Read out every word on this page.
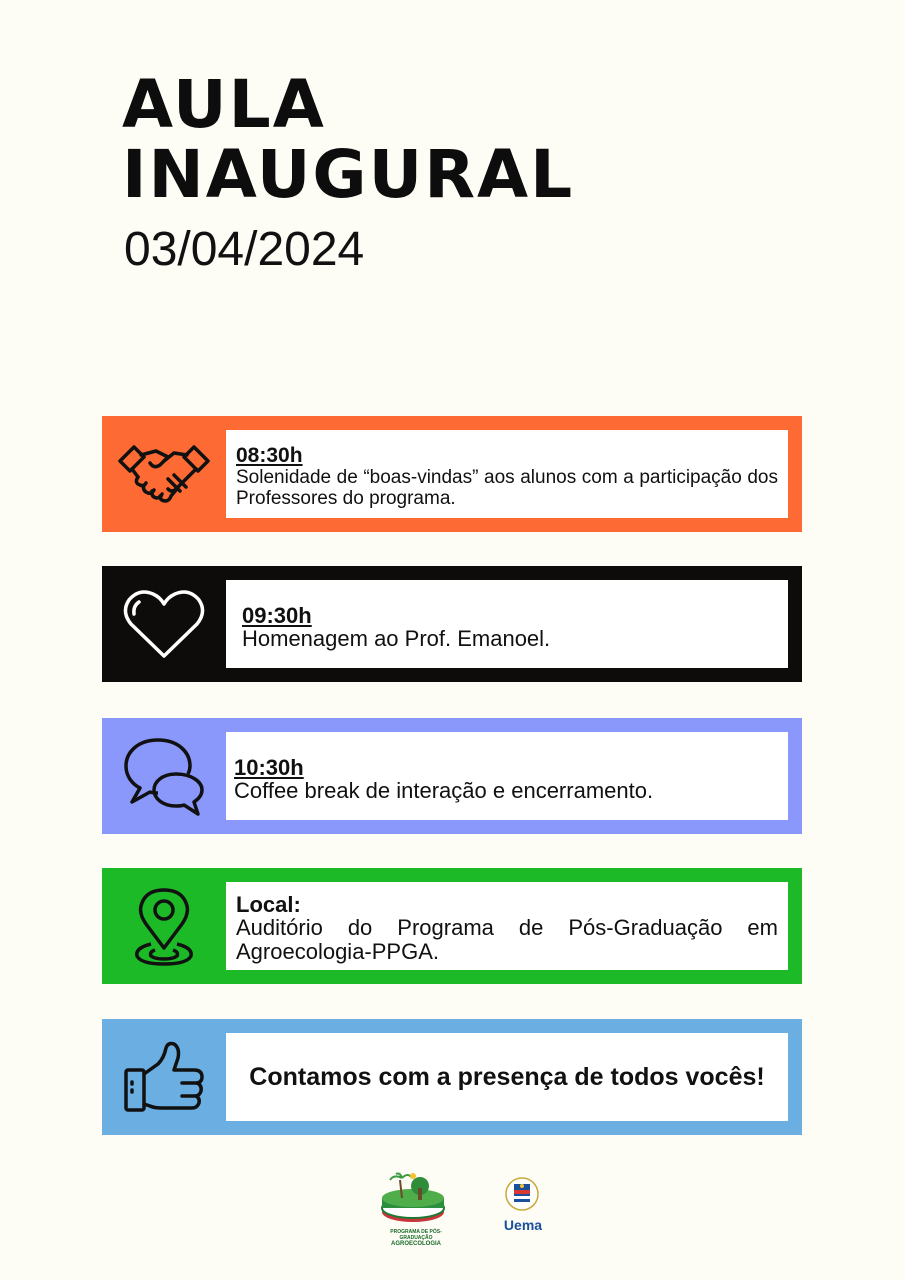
AULA
INAUGURAL
03/04/2024
08:30h
Solenidade de “boas-vindas” aos alunos com a participação dos Professores do programa.
09:30h
Homenagem ao Prof. Emanoel.
10:30h
Coffee break de interação e encerramento.
Local:
Auditório do Programa de Pós-Graduação em Agroecologia-PPGA.
Contamos com a presença de todos vocês!
PROGRAMA DE PÓS-GRADUAÇÃO
AGROECOLOGIA
Uema
